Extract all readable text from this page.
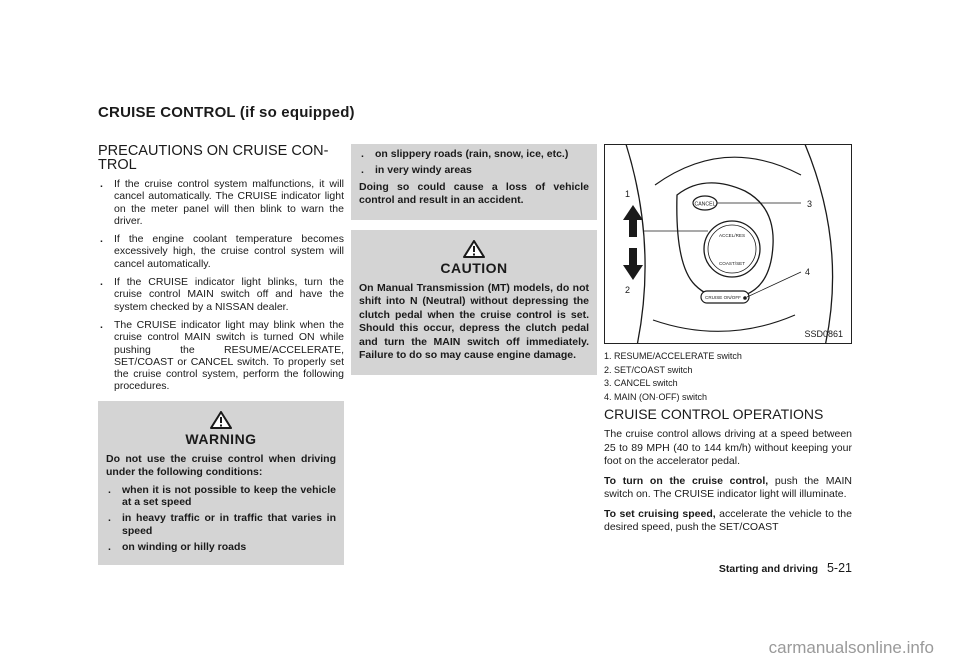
CRUISE CONTROL (if so equipped)
PRECAUTIONS ON CRUISE CON-
TROL
. If the cruise control system malfunctions, it will cancel automatically. The CRUISE indicator light on the meter panel will then blink to warn the driver.
. If the engine coolant temperature becomes excessively high, the cruise control system will cancel automatically.
. If the CRUISE indicator light blinks, turn the cruise control MAIN switch off and have the system checked by a NISSAN dealer.
. The CRUISE indicator light may blink when the cruise control MAIN switch is turned ON while pushing the RESUME/ACCELERATE, SET/COAST or CANCEL switch. To properly set the cruise control system, perform the following procedures.
WARNING

Do not use the cruise control when driving under the following conditions:

. when it is not possible to keep the vehicle at a set speed
. in heavy traffic or in traffic that varies in speed
. on winding or hilly roads
. on slippery roads (rain, snow, ice, etc.)
. in very windy areas

Doing so could cause a loss of vehicle control and result in an accident.

CAUTION

On Manual Transmission (MT) models, do not shift into N (Neutral) without depressing the clutch pedal when the cruise control is set. Should this occur, depress the clutch pedal and turn the MAIN switch off immediately. Failure to do so may cause engine damage.

CANCEL
ACCEL/RES
COAST/SET
CRUISE ON/OFF
1
2
3
4
SSD0861
1. RESUME/ACCELERATE switch
2. SET/COAST switch
3. CANCEL switch
4. MAIN (ON·OFF) switch
CRUISE CONTROL OPERATIONS

The cruise control allows driving at a speed between 25 to 89 MPH (40 to 144 km/h) without keeping your foot on the accelerator pedal.

To turn on the cruise control, push the MAIN switch on. The CRUISE indicator light will illuminate.

To set cruising speed, accelerate the vehicle to the desired speed, push the SET/COAST

Starting and driving 5-21
carmanualsonline.info
